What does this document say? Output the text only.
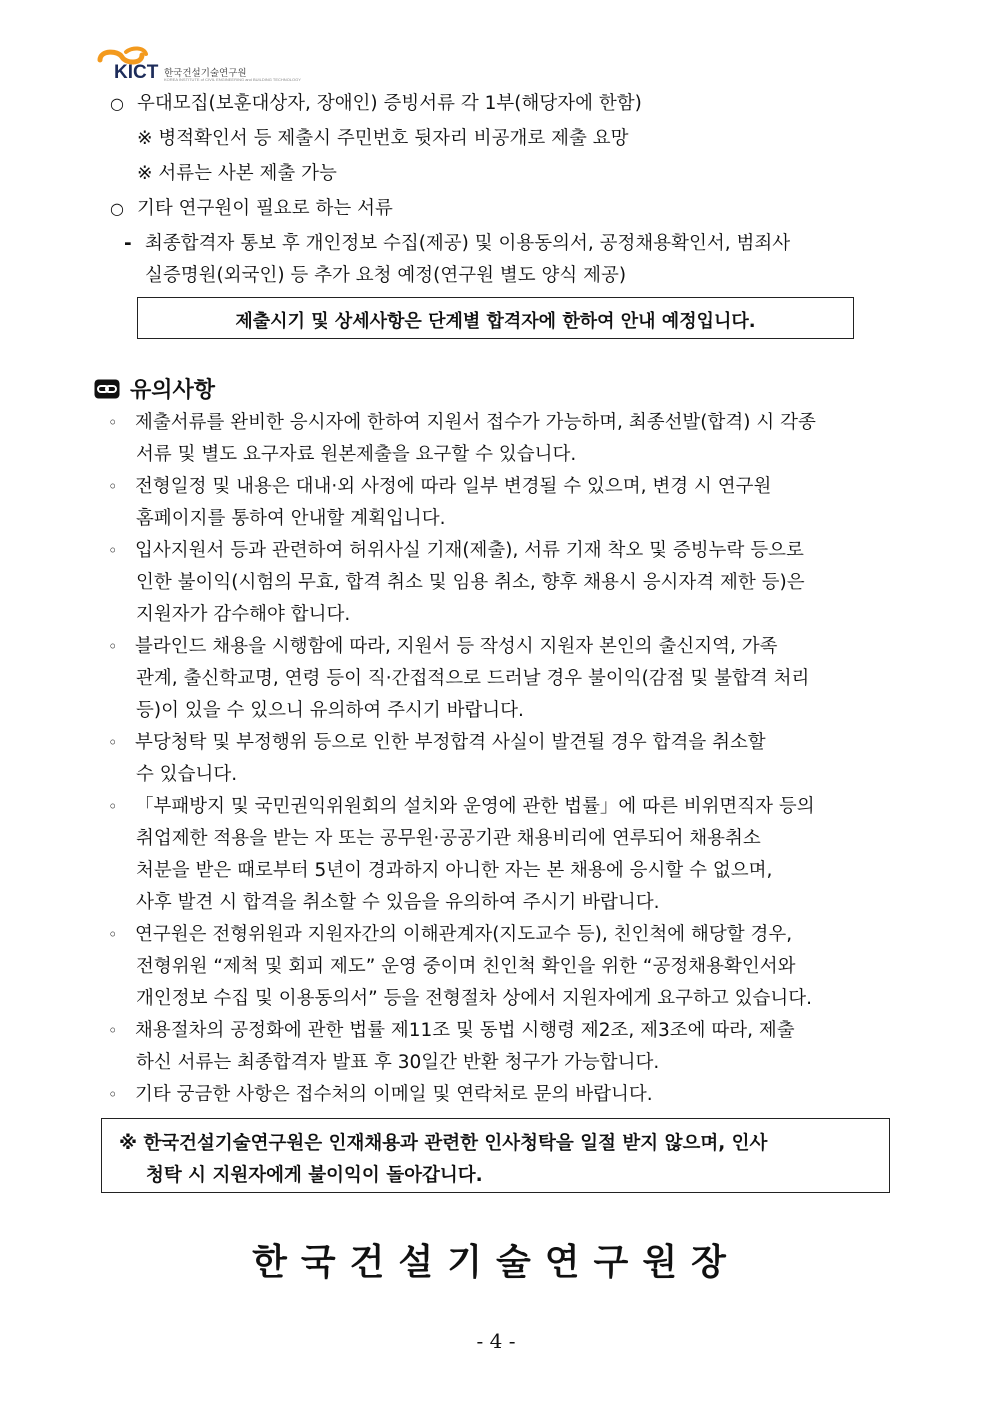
KICT 한국건설기술연구원
KOREA INSTITUTE of CIVIL ENGINEERING and BUILDING TECHNOLOGY
○ 우대모집(보훈대상자, 장애인) 증빙서류 각 1부(해당자에 한함)
※ 병적확인서 등 제출시 주민번호 뒷자리 비공개로 제출 요망
※ 서류는 사본 제출 가능
○ 기타 연구원이 필요로 하는 서류
- 최종합격자 통보 후 개인정보 수집(제공) 및 이용동의서, 공정채용확인서, 범죄사
실증명원(외국인) 등 추가 요청 예정(연구원 별도 양식 제공)
제출시기 및 상세사항은 단계별 합격자에 한하여 안내 예정입니다.
유의사항
◦ 제출서류를 완비한 응시자에 한하여 지원서 접수가 가능하며, 최종선발(합격) 시 각종
서류 및 별도 요구자료 원본제출을 요구할 수 있습니다.
◦ 전형일정 및 내용은 대내·외 사정에 따라 일부 변경될 수 있으며, 변경 시 연구원
홈페이지를 통하여 안내할 계획입니다.
◦ 입사지원서 등과 관련하여 허위사실 기재(제출), 서류 기재 착오 및 증빙누락 등으로
인한 불이익(시험의 무효, 합격 취소 및 임용 취소, 향후 채용시 응시자격 제한 등)은
지원자가 감수해야 합니다.
◦ 블라인드 채용을 시행함에 따라, 지원서 등 작성시 지원자 본인의 출신지역, 가족
관계, 출신학교명, 연령 등이 직·간접적으로 드러날 경우 불이익(감점 및 불합격 처리
등)이 있을 수 있으니 유의하여 주시기 바랍니다.
◦ 부당청탁 및 부정행위 등으로 인한 부정합격 사실이 발견될 경우 합격을 취소할
수 있습니다.
◦ 「부패방지 및 국민권익위원회의 설치와 운영에 관한 법률」에 따른 비위면직자 등의
취업제한 적용을 받는 자 또는 공무원·공공기관 채용비리에 연루되어 채용취소
처분을 받은 때로부터 5년이 경과하지 아니한 자는 본 채용에 응시할 수 없으며,
사후 발견 시 합격을 취소할 수 있음을 유의하여 주시기 바랍니다.
◦ 연구원은 전형위원과 지원자간의 이해관계자(지도교수 등), 친인척에 해당할 경우,
전형위원 “제척 및 회피 제도” 운영 중이며 친인척 확인을 위한 “공정채용확인서와
개인정보 수집 및 이용동의서” 등을 전형절차 상에서 지원자에게 요구하고 있습니다.
◦ 채용절차의 공정화에 관한 법률 제11조 및 동법 시행령 제2조, 제3조에 따라, 제출
하신 서류는 최종합격자 발표 후 30일간 반환 청구가 가능합니다.
◦ 기타 궁금한 사항은 접수처의 이메일 및 연락처로 문의 바랍니다.
※ 한국건설기술연구원은 인재채용과 관련한 인사청탁을 일절 받지 않으며, 인사
청탁 시 지원자에게 불이익이 돌아갑니다.
한국건설기술연구원장
- 4 -
